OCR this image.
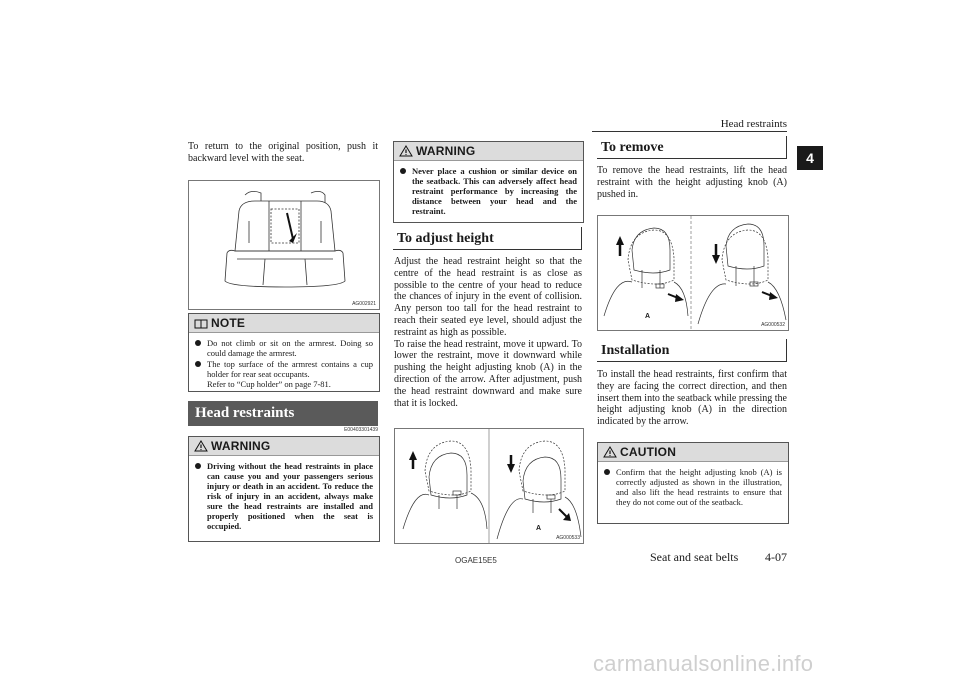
Head restraints
4

To return to the original position, push it backward level with the seat.

AG002921
NOTE
Do not climb or sit on the armrest. Doing so could damage the armrest.
The top surface of the armrest contains a cup holder for rear seat occupants.
Refer to “Cup holder” on page 7-81.
Head restraints
E00403301439
WARNING
Driving without the head restraints in place can cause you and your passengers serious injury or death in an accident. To reduce the risk of injury in an accident, always make sure the head restraints are installed and properly positioned when the seat is occupied.
WARNING
Never place a cushion or similar device on the seatback. This can adversely affect head restraint performance by increasing the distance between your head and the restraint.
To adjust height

Adjust the head restraint height so that the centre of the head restraint is as close as possible to the centre of your head to reduce the chances of injury in the event of collision. Any person too tall for the head restraint to reach their seated eye level, should adjust the restraint as high as possible.

To raise the head restraint, move it upward. To lower the restraint, move it downward while pushing the height adjusting knob (A) in the direction of the arrow. After adjustment, push the head restraint downward and make sure that it is locked.

A
AG000533
To remove

To remove the head restraints, lift the head restraint with the height adjusting knob (A) pushed in.

A
AG000532
Installation

To install the head restraints, first confirm that they are facing the correct direction, and then insert them into the seatback while pressing the height adjusting knob (A) in the direction indicated by the arrow.

CAUTION
Confirm that the height adjusting knob (A) is correctly adjusted as shown in the illustration, and also lift the head restraints to ensure that they do not come out of the seatback.
OGAE15E5	Seat and seat belts 4-07
carmanualsonline.info
